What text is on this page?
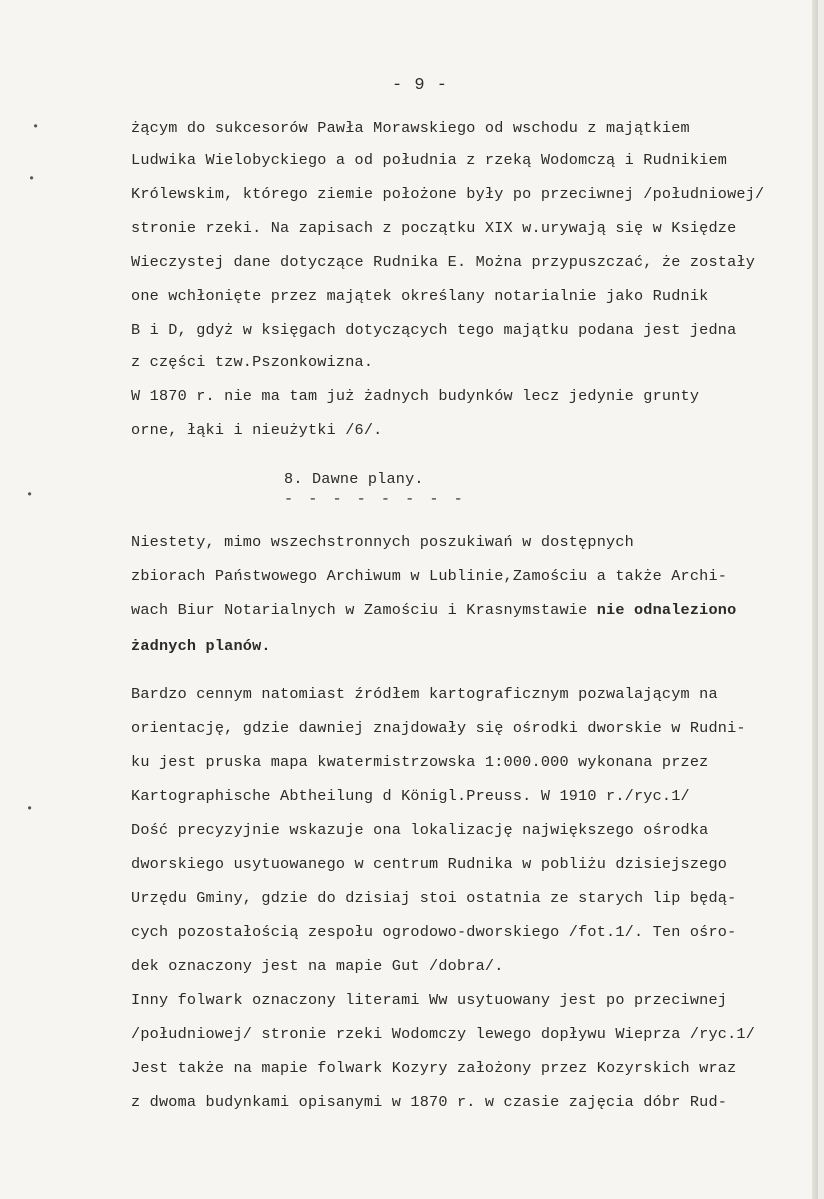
•
•
•
•
- 9 -
żącym do sukcesorów Pawła Morawskiego od wschodu z majątkiem
Ludwika Wielobyckiego a od południa z rzeką Wodomczą i Rudnikiem
Królewskim, którego ziemie położone były po przeciwnej /południowej/
stronie rzeki. Na zapisach z początku XIX w.urywają się w Księdze
Wieczystej dane dotyczące Rudnika E. Można przypuszczać, że zostały
one wchłonięte przez majątek określany notarialnie jako Rudnik
B i D, gdyż w księgach dotyczących tego majątku podana jest jedna
z części tzw.Pszonkowizna.
W 1870 r. nie ma tam już żadnych budynków lecz jedynie grunty
orne, łąki i nieużytki /6/.
8. Dawne plany.
- - - - - - - -
Niestety, mimo wszechstronnych poszukiwań w dostępnych
zbiorach Państwowego Archiwum w Lublinie,Zamościu a także Archi-
wach Biur Notarialnych w Zamościu i Krasnymstawie nie odnaleziono
żadnych planów.
Bardzo cennym natomiast źródłem kartograficznym pozwalającym na
orientację, gdzie dawniej znajdowały się ośrodki dworskie w Rudni-
ku jest pruska mapa kwatermistrzowska 1:000.000 wykonana przez
Kartographische Abtheilung d Königl.Preuss. W 1910 r./ryc.1/
Dość precyzyjnie wskazuje ona lokalizację największego ośrodka
dworskiego usytuowanego w centrum Rudnika w pobliżu dzisiejszego
Urzędu Gminy, gdzie do dzisiaj stoi ostatnia ze starych lip będą-
cych pozostałością zespołu ogrodowo-dworskiego /fot.1/. Ten ośro-
dek oznaczony jest na mapie Gut /dobra/.
Inny folwark oznaczony literami Ww usytuowany jest po przeciwnej
/południowej/ stronie rzeki Wodomczy lewego dopływu Wieprza /ryc.1/
Jest także na mapie folwark Kozyry założony przez Kozyrskich wraz
z dwoma budynkami opisanymi w 1870 r. w czasie zajęcia dóbr Rud-
